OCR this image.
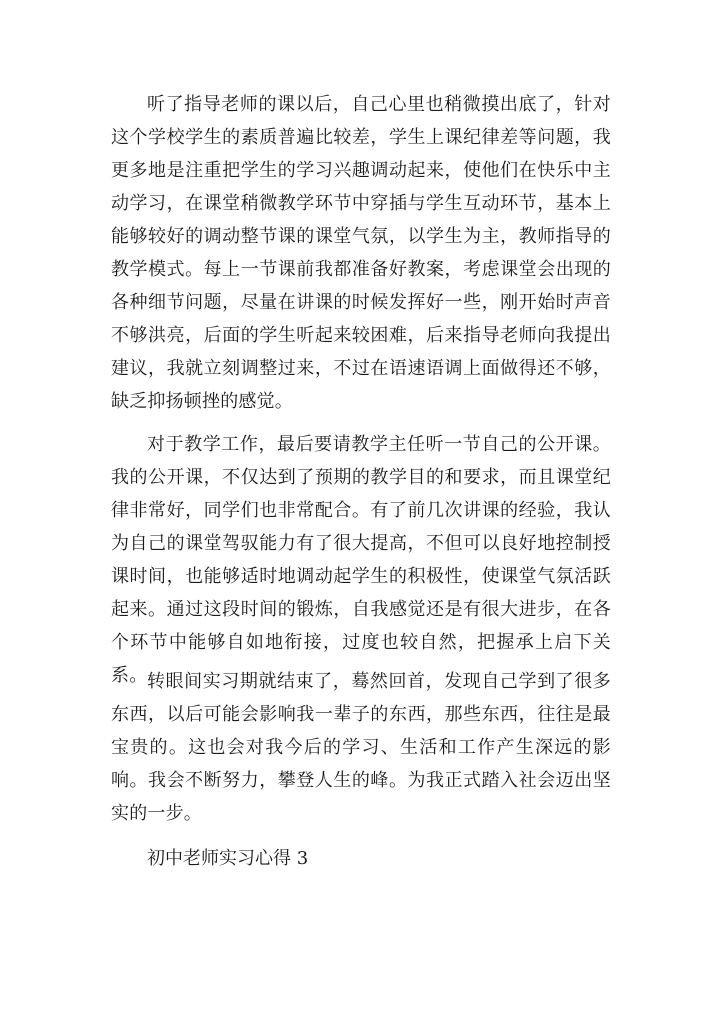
听了指导老师的课以后，自己心里也稍微摸出底了，针对这个学校学生的素质普遍比较差，学生上课纪律差等问题，我更多地是注重把学生的学习兴趣调动起来，使他们在快乐中主动学习，在课堂稍微教学环节中穿插与学生互动环节，基本上能够较好的调动整节课的课堂气氛，以学生为主，教师指导的教学模式。每上一节课前我都准备好教案，考虑课堂会出现的各种细节问题，尽量在讲课的时候发挥好一些，刚开始时声音不够洪亮，后面的学生听起来较困难，后来指导老师向我提出建议，我就立刻调整过来，不过在语速语调上面做得还不够，缺乏抑扬顿挫的感觉。

对于教学工作，最后要请教学主任听一节自己的公开课。我的公开课，不仅达到了预期的教学目的和要求，而且课堂纪律非常好，同学们也非常配合。有了前几次讲课的经验，我认为自己的课堂驾驭能力有了很大提高，不但可以良好地控制授课时间，也能够适时地调动起学生的积极性，使课堂气氛活跃起来。通过这段时间的锻炼，自我感觉还是有很大进步，在各个环节中能够自如地衔接，过度也较自然，把握承上启下关系。 转眼间实习期就结束了，蓦然回首，发现自己学到了很多东西，以后可能会影响我一辈子的东西，那些东西，往往是最宝贵的。这也会对我今后的学习、生活和工作产生深远的影响。我会不断努力，攀登人生的峰。为我正式踏入社会迈出坚实的一步。

初中老师实习心得 3
